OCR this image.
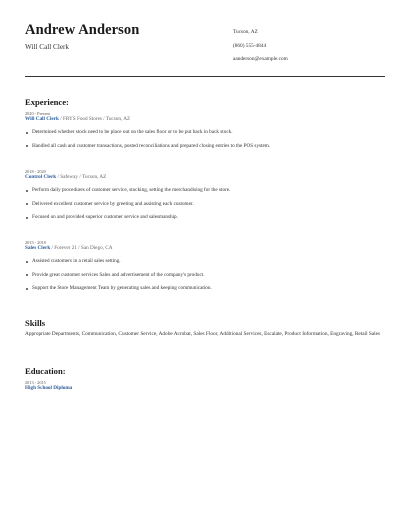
Andrew Anderson
Will Call Clerk
Tucson, AZ
(860) 555-4844
aanderson@example.com
Experience:
2020 - Present
Will Call Clerk / FRYS Food Stores / Tucson, AZ
Determined whether stock need to be place out on the sales floor or to be put back in back stock.
Handled all cash and customer transactions, posted reconciliations and prepared closing entries to the POS system.
2018 - 2020
Control Clerk / Safeway / Tucson, AZ
Perform daily procedures of customer service, stocking, setting the merchandising for the store.
Delivered excellent customer service by greeting and assisting each customer.
Focused on and provided superior customer service and salesmanship.
2015 - 2018
Sales Clerk / Forever 21 / San Diego, CA
Assisted customers in a retail sales setting.
Provide great customer services Sales and advertisement of the company's product.
Support the Store Management Team by generating sales and keeping communication.
Skills
Appropriate Departments, Communication, Customer Service, Adobe Acrobat, Sales Floor, Additional Services, Escalate, Product Information, Engraving, Retail Sales
Education:
2013 - 2015
High School Diploma
